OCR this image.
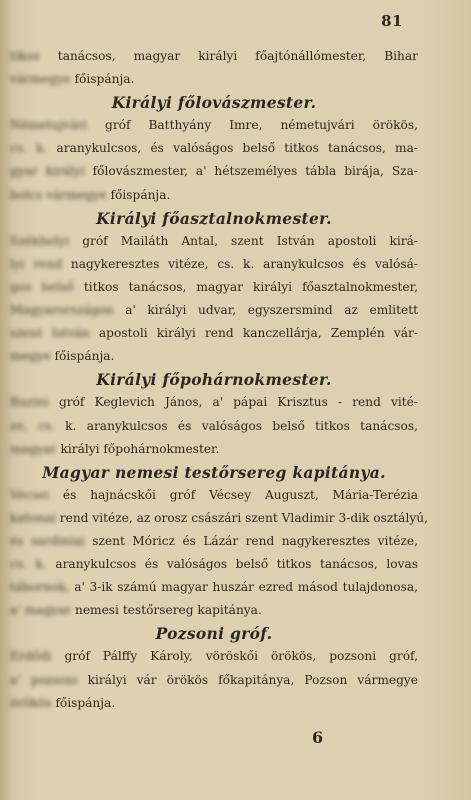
81
tikos tanácsos, magyar királyi főajtónállómester, Bihar
vármegye főispánja.
Királyi főlovászmester.
Németujvári gróf Batthyány Imre, németujvári örökös,
cs. k. aranykulcsos, és valóságos belső titkos tanácsos, ma-
gyar királyi főlovászmester, a' hétszemélyes tábla birája, Sza-
bolcs vármegye főispánja.
Királyi főasztalnokmester.
Székhelyi gróf Mailáth Antal, szent István apostoli kirá-
lyi rend nagykeresztes vitéze, cs. k. aranykulcsos és valósá-
gos belső titkos tanácsos, magyar királyi főasztalnokmester,
Magyarországon a' királyi udvar, egyszersmind az emlitett
szent István apostoli királyi rend kanczellárja, Zemplén vár-
megye főispánja.
Királyi főpohárnokmester.
Buzini gróf Keglevich János, a' pápai Krisztus - rend vité-
ze, cs. k. aranykulcsos és valóságos belső titkos tanácsos,
magyar királyi főpohárnokmester.
Magyar nemesi testőrsereg kapitánya.
Vécsei és hajnácskői gróf Vécsey Auguszt, Mária-Terézia
katonai rend vitéze, az orosz császári szent Vladimir 3-dik osztályú,
és sardiniai szent Móricz és Lázár rend nagykeresztes vitéze,
cs. k. aranykulcsos és valóságos belső titkos tanácsos, lovas
tábornok, a' 3-ik számú magyar huszár ezred másod tulajdonosa,
a' magyar nemesi testőrsereg kapitánya.
Pozsoni gróf.
Erdődi gróf Pálffy Károly, vöröskői örökös, pozsoni gróf,
a' pozsoni királyi vár örökös főkapitánya, Pozson vármegye
örökös főispánja.
6
